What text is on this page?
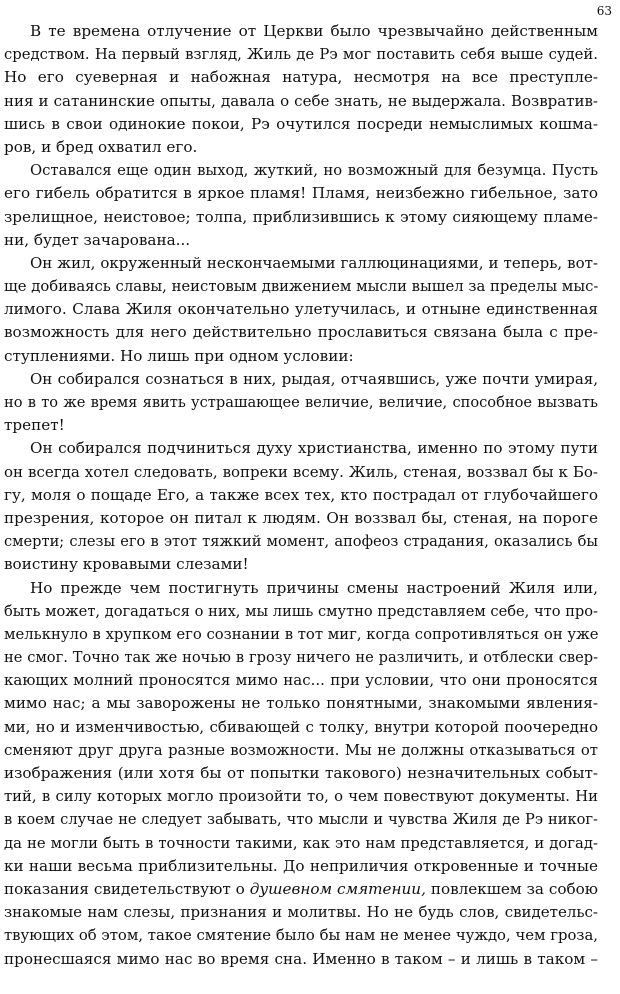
63
В те времена отлучение от Церкви было чрезвычайно действенным
средством. На первый взгляд, Жиль де Рэ мог поставить себя выше судей.
Но его суеверная и набожная натура, несмотря на все преступле-
ния и сатанинские опыты, давала о себе знать, не выдержала. Возвратив-
шись в свои одинокие покои, Рэ очутился посреди немыслимых кошма-
ров, и бред охватил его.
Оставался еще один выход, жуткий, но возможный для безумца. Пусть
его гибель обратится в яркое пламя! Пламя, неизбежно гибельное, зато
зрелищное, неистовое; толпа, приблизившись к этому сияющему пламе-
ни, будет зачарована...
Он жил, окруженный нескончаемыми галлюцинациями, и теперь, вот-
ще добиваясь славы, неистовым движением мысли вышел за пределы мыс-
лимого. Слава Жиля окончательно улетучилась, и отныне единственная
возможность для него действительно прославиться связана была с пре-
ступлениями. Но лишь при одном условии:
Он собирался сознаться в них, рыдая, отчаявшись, уже почти умирая,
но в то же время явить устрашающее величие, величие, способное вызвать
трепет!
Он собирался подчиниться духу христианства, именно по этому пути
он всегда хотел следовать, вопреки всему. Жиль, стеная, воззвал бы к Бо-
гу, моля о пощаде Его, а также всех тех, кто пострадал от глубочайшего
презрения, которое он питал к людям. Он воззвал бы, стеная, на пороге
смерти; слезы его в этот тяжкий момент, апофеоз страдания, оказались бы
воистину кровавыми слезами!
Но прежде чем постигнуть причины смены настроений Жиля или,
быть может, догадаться о них, мы лишь смутно представляем себе, что про-
мелькнуло в хрупком его сознании в тот миг, когда сопротивляться он уже
не смог. Точно так же ночью в грозу ничего не различить, и отблески свер-
кающих молний проносятся мимо нас... при условии, что они проносятся
мимо нас; а мы заворожены не только понятными, знакомыми явления-
ми, но и изменчивостью, сбивающей с толку, внутри которой поочередно
сменяют друг друга разные возможности. Мы не должны отказываться от
изображения (или хотя бы от попытки такового) незначительных событ-
тий, в силу которых могло произойти то, о чем повествуют документы. Ни
в коем случае не следует забывать, что мысли и чувства Жиля де Рэ никог-
да не могли быть в точности такими, как это нам представляется, и догад-
ки наши весьма приблизительны. До неприличия откровенные и точные
показания свидетельствуют о душевном смятении, повлекшем за собою
знакомые нам слезы, признания и молитвы. Но не будь слов, свидетельс-
твующих об этом, такое смятение было бы нам не менее чуждо, чем гроза,
пронесшаяся мимо нас во время сна. Именно в таком – и лишь в таком –
